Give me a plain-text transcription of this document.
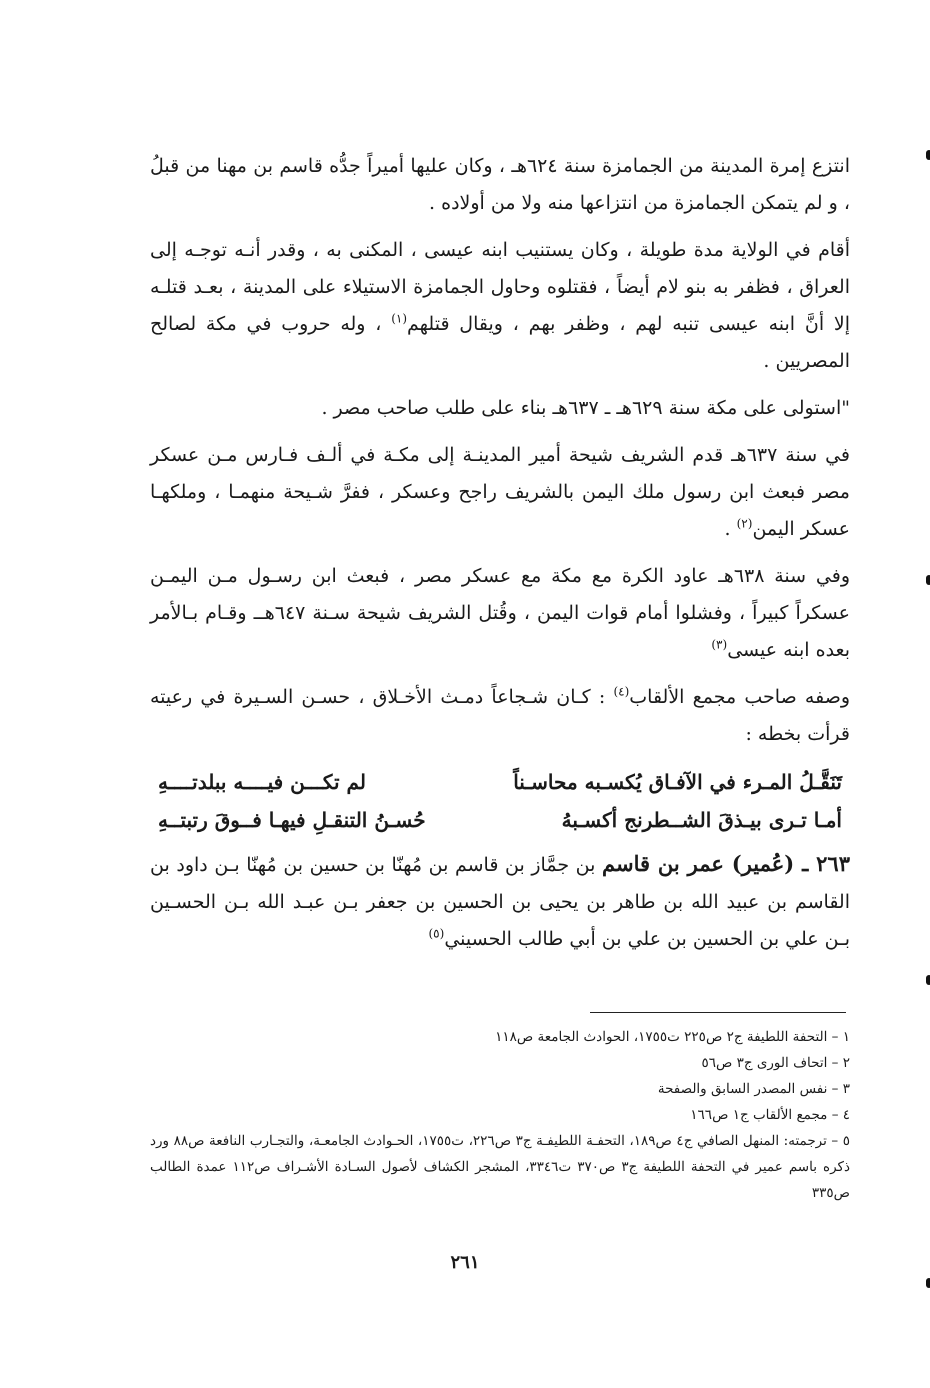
انتزع إمرة المدينة من الجمامزة سنة ٦٢٤هـ ، وكان عليها أميراً جدُّه قاسم بن مهنا من قبلُ ، و لم يتمكن الجمامزة من انتزاعها منه ولا من أولاده .

أقام في الولاية مدة طويلة ، وكان يستنيب ابنه عيسى ، المكنى به ، وقدر أنـه توجـه إلى العراق ، فظفر به بنو لام أيضاً ، فقتلوه وحاول الجمامزة الاستيلاء على المدينة ، بعـد قتلـه إلا أنَّ ابنه عيسى تنبه لهم ، وظفر بهم ، ويقال قتلهم$^{(١)}$ ، وله حروب في مكة لصالح المصريين .

"استولى على مكة سنة ٦٢٩هـ ـ ٦٣٧هـ بناء على طلب صاحب مصر .

في سنة ٦٣٧هـ قدم الشريف شيحة أمير المدينـة إلى مكـة في ألـف فـارس مـن عسكر مصر فبعث ابن رسول ملك اليمن بالشريف راجح وعسكر ، ففرَّ شـيحة منهمـا ، وملكهـا عسكر اليمن$^{(٢)}$ .

وفي سنة ٦٣٨هـ عاود الكرة مع مكة مع عسكر مصر ، فبعث ابن رسـول مـن اليمـن عسكراً كبيراً ، وفشلوا أمام قوات اليمن ، وقُتل الشريف شيحة سـنة ٦٤٧هــ وقـام بـالأمر بعده ابنه عيسى$^{(٣)}$

وصفه صاحب مجمع الألقاب$^{(٤)}$ : كـان شـجاعاً دمـث الأخـلاق ، حسـن السـيرة في رعيته قرأت بخطه :

تَنَقَّـلُ المـرء في الآفـاق يُكسـبه محاسـناً
لم تكـــن فيــــه ببلدتــــهِ
أمـا تـرى بيـذقَ الشــطرنج أكسـبهُ
حُسـنُ التنقـلِ فيهـا فــوقَ رتبتــهِ

٢٦٣ ـ (عُمير) عمر بن قاسم بن جمَّاز بن قاسم بن مُهنّا بن حسين بن مُهنّا بـن داود بن القاسم بن عبيد الله بن طاهر بن يحيى بن الحسين بن جعفر بـن عبـد الله بـن الحسـين بـن علي بن الحسين بن علي بن أبي طالب الحسيني$^{(٥)}$

١ – التحفة اللطيفة ج٢ ص٢٢٥ ت١٧٥٥، الحوادث الجامعة ص١١٨

٢ – اتحاف الورى ج٣ ص٥٦

٣ – نفس المصدر السابق والصفحة

٤ – مجمع الألقاب ج١ ص١٦٦

٥ – ترجمته: المنهل الصافي ج٤ ص١٨٩، التحفـة اللطيفـة ج٣ ص٢٢٦، ت١٧٥٥، الحـوادث الجامعـة، والتجـارب النافعة ص٨٨ ورد ذكره باسم عمير في التحفة اللطيفة ج٣ ص٣٧٠ ت٣٣٤٦، المشجر الكشاف لأصول السـادة الأشـراف ص١١٢ عمدة الطالب ص٣٣٥

٢٦١
